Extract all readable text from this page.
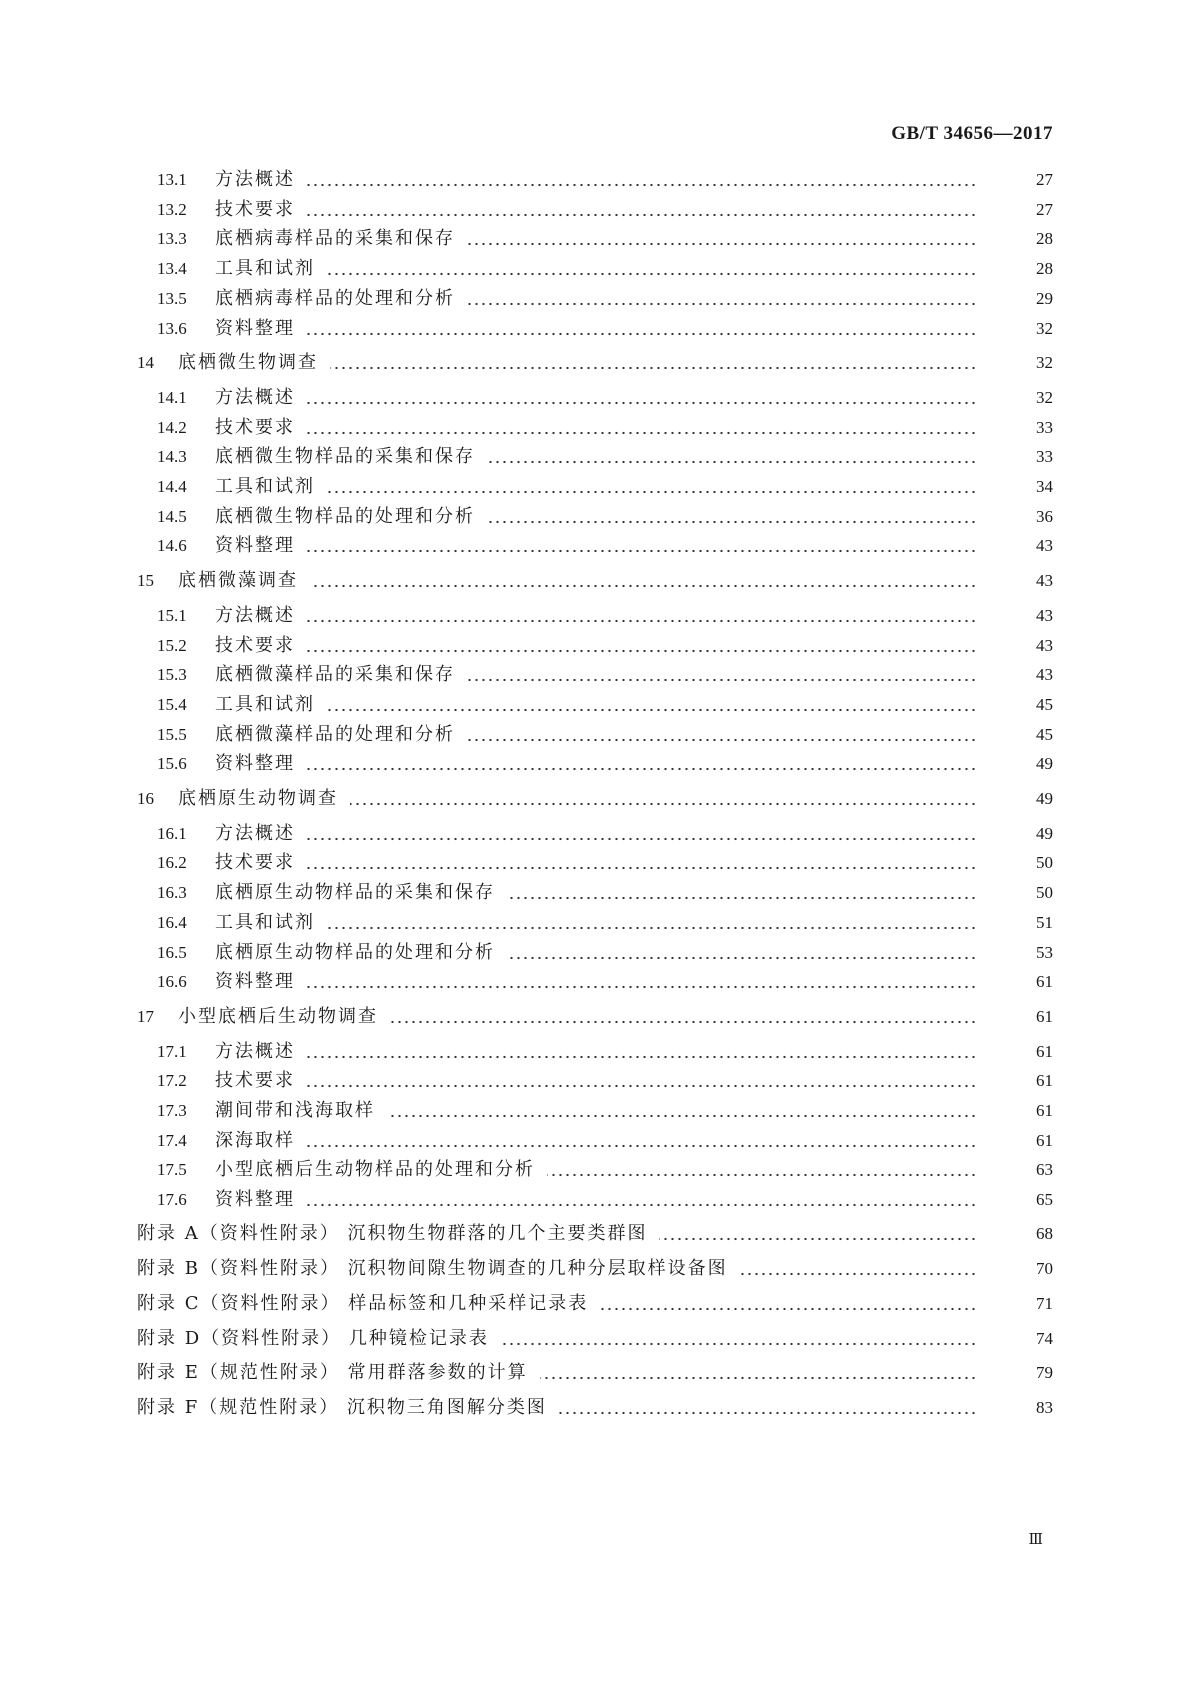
GB/T 34656—2017
13.1 方法概述	27
13.2 技术要求	27
13.3 底栖病毒样品的采集和保存	28
13.4 工具和试剂	28
13.5 底栖病毒样品的处理和分析	29
13.6 资料整理	32
14 底栖微生物调查	32
14.1 方法概述	32
14.2 技术要求	33
14.3 底栖微生物样品的采集和保存	33
14.4 工具和试剂	34
14.5 底栖微生物样品的处理和分析	36
14.6 资料整理	43
15 底栖微藻调查	43
15.1 方法概述	43
15.2 技术要求	43
15.3 底栖微藻样品的采集和保存	43
15.4 工具和试剂	45
15.5 底栖微藻样品的处理和分析	45
15.6 资料整理	49
16 底栖原生动物调查	49
16.1 方法概述	49
16.2 技术要求	50
16.3 底栖原生动物样品的采集和保存	50
16.4 工具和试剂	51
16.5 底栖原生动物样品的处理和分析	53
16.6 资料整理	61
17 小型底栖后生动物调查	61
17.1 方法概述	61
17.2 技术要求	61
17.3 潮间带和浅海取样	61
17.4 深海取样	61
17.5 小型底栖后生动物样品的处理和分析	63
17.6 资料整理	65
附录 A（资料性附录） 沉积物生物群落的几个主要类群图	68
附录 B（资料性附录） 沉积物间隙生物调查的几种分层取样设备图	70
附录 C（资料性附录） 样品标签和几种采样记录表	71
附录 D（资料性附录） 几种镜检记录表	74
附录 E（规范性附录） 常用群落参数的计算	79
附录 F（规范性附录） 沉积物三角图解分类图	83
Ⅲ
